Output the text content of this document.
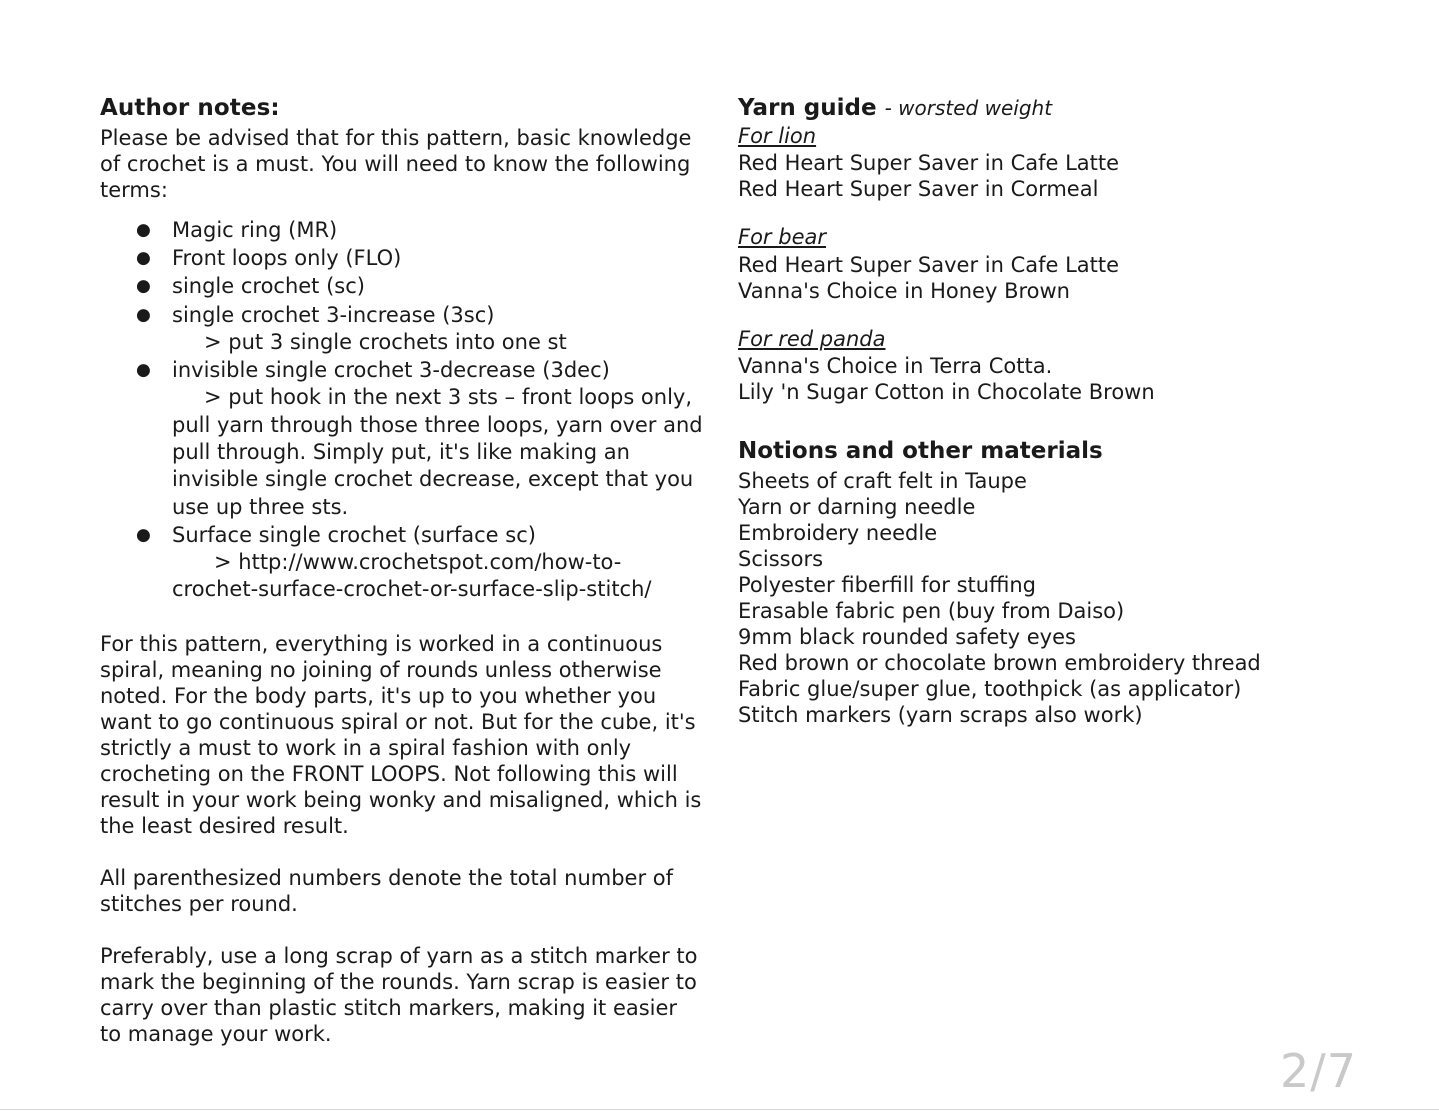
Author notes:

Please be advised that for this pattern, basic knowledge of crochet is a must. You will need to know the following terms:

● Magic ring (MR)
● Front loops only (FLO)
● single crochet (sc)
● single crochet 3-increase (3sc)
> put 3 single crochets into one st
● invisible single crochet 3-decrease (3dec)
> put hook in the next 3 sts – front loops only, pull yarn through those three loops, yarn over and pull through. Simply put, it's like making an invisible single crochet decrease, except that you use up three sts.
● Surface single crochet (surface sc)
> http://www.crochetspot.com/how-to-crochet-surface-crochet-or-surface-slip-stitch/

For this pattern, everything is worked in a continuous spiral, meaning no joining of rounds unless otherwise noted. For the body parts, it's up to you whether you want to go continuous spiral or not. But for the cube, it's strictly a must to work in a spiral fashion with only crocheting on the FRONT LOOPS. Not following this will result in your work being wonky and misaligned, which is the least desired result.

All parenthesized numbers denote the total number of stitches per round.

Preferably, use a long scrap of yarn as a stitch marker to mark the beginning of the rounds. Yarn scrap is easier to carry over than plastic stitch markers, making it easier to manage your work.

Yarn guide - worsted weight

For lion

Red Heart Super Saver in Cafe Latte

Red Heart Super Saver in Cormeal

For bear

Red Heart Super Saver in Cafe Latte

Vanna's Choice in Honey Brown

For red panda

Vanna's Choice in Terra Cotta.

Lily 'n Sugar Cotton in Chocolate Brown

Notions and other materials

Sheets of craft felt in Taupe

Yarn or darning needle

Embroidery needle

Scissors

Polyester fiberfill for stuffing

Erasable fabric pen (buy from Daiso)

9mm black rounded safety eyes

Red brown or chocolate brown embroidery thread

Fabric glue/super glue, toothpick (as applicator)

Stitch markers (yarn scraps also work)

2/7
